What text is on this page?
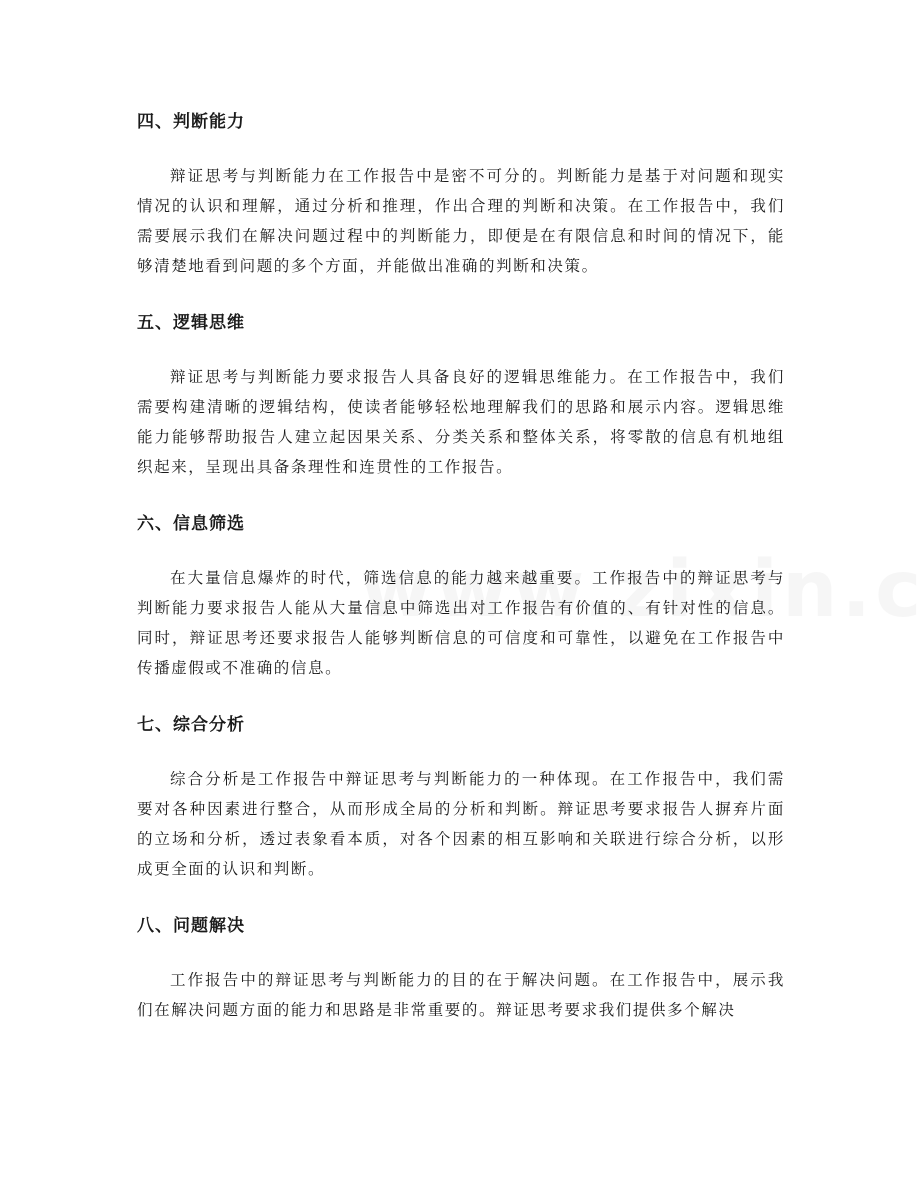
四、判断能力

辩证思考与判断能力在工作报告中是密不可分的。判断能力是基于对问题和现实情况的认识和理解，通过分析和推理，作出合理的判断和决策。在工作报告中，我们需要展示我们在解决问题过程中的判断能力，即便是在有限信息和时间的情况下，能够清楚地看到问题的多个方面，并能做出准确的判断和决策。

五、逻辑思维

辩证思考与判断能力要求报告人具备良好的逻辑思维能力。在工作报告中，我们需要构建清晰的逻辑结构，使读者能够轻松地理解我们的思路和展示内容。逻辑思维能力能够帮助报告人建立起因果关系、分类关系和整体关系，将零散的信息有机地组织起来，呈现出具备条理性和连贯性的工作报告。

六、信息筛选

在大量信息爆炸的时代，筛选信息的能力越来越重要。工作报告中的辩证思考与判断能力要求报告人能从大量信息中筛选出对工作报告有价值的、有针对性的信息。同时，辩证思考还要求报告人能够判断信息的可信度和可靠性，以避免在工作报告中传播虚假或不准确的信息。

七、综合分析

综合分析是工作报告中辩证思考与判断能力的一种体现。在工作报告中，我们需要对各种因素进行整合，从而形成全局的分析和判断。辩证思考要求报告人摒弃片面的立场和分析，透过表象看本质，对各个因素的相互影响和关联进行综合分析，以形成更全面的认识和判断。

八、问题解决

工作报告中的辩证思考与判断能力的目的在于解决问题。在工作报告中，展示我们在解决问题方面的能力和思路是非常重要的。辩证思考要求我们提供多个解决
